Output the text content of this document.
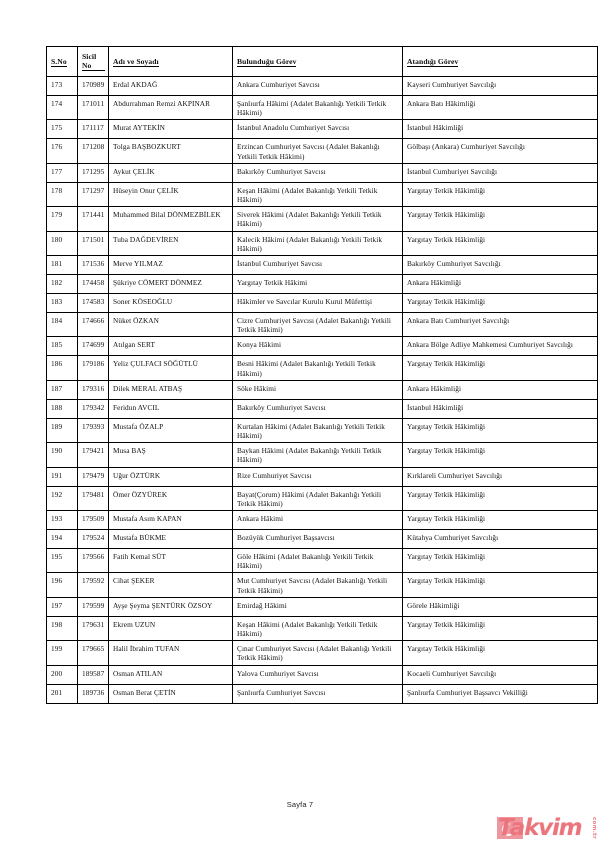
S.No	Sicil No	Adı ve Soyadı	Bulunduğu Görev	Atandığı Görev

173	170989	Erdal AKDAĞ	Ankara Cumhuriyet Savcısı	Kayseri Cumhuriyet Savcılığı

174	171011	Abdurrahman Remzi AKPINAR	Şanlıurfa Hâkimi (Adalet Bakanlığı Yetkili Tetkik Hâkimi)	Ankara Batı Hâkimliği

175	171117	Murat AYTEKİN	İstanbul Anadolu Cumhuriyet Savcısı	İstanbul Hâkimliği

176	171208	Tolga BAŞBOZKURT	Erzincan Cumhuriyet Savcısı (Adalet Bakanlığı Yetkili Tetkik Hâkimi)	Gölbaşı (Ankara) Cumhuriyet Savcılığı

177	171295	Aykut ÇELİK	Bakırköy Cumhuriyet Savcısı	İstanbul Cumhuriyet Savcılığı

178	171297	Hüseyin Onur ÇELİK	Keşan Hâkimi (Adalet Bakanlığı Yetkili Tetkik Hâkimi)	Yargıtay Tetkik Hâkimliği

179	171441	Muhammed Bilal DÖNMEZBİLEK	Siverek Hâkimi (Adalet Bakanlığı Yetkili Tetkik Hâkimi)	Yargıtay Tetkik Hâkimliği

180	171501	Tuba DAĞDEVİREN	Kalecik Hâkimi (Adalet Bakanlığı Yetkili Tetkik Hâkimi)	Yargıtay Tetkik Hâkimliği

181	171536	Merve YILMAZ	İstanbul Cumhuriyet Savcısı	Bakırköy Cumhuriyet Savcılığı

182	174458	Şükriye CÖMERT DÖNMEZ	Yargıtay Tetkik Hâkimi	Ankara Hâkimliği

183	174583	Soner KÖSEOĞLU	Hâkimler ve Savcılar Kurulu Kurul Müfettişi	Yargıtay Tetkik Hâkimliği

184	174666	Nüket ÖZKAN	Cizre Cumhuriyet Savcısı (Adalet Bakanlığı Yetkili Tetkik Hâkimi)	Ankara Batı Cumhuriyet Savcılığı

185	174699	Atılgan SERT	Konya Hâkimi	Ankara Bölge Adliye Mahkemesi Cumhuriyet Savcılığı

186	179186	Yeliz ÇULFACI SÖĞÜTLÜ	Besni Hâkimi (Adalet Bakanlığı Yetkili Tetkik Hâkimi)	Yargıtay Tetkik Hâkimliği

187	179316	Dilek MERAL ATBAŞ	Söke Hâkimi	Ankara Hâkimliği

188	179342	Feridun AVCIL	Bakırköy Cumhuriyet Savcısı	İstanbul Hâkimliği

189	179393	Mustafa ÖZALP	Kurtalan Hâkimi (Adalet Bakanlığı Yetkili Tetkik Hâkimi)	Yargıtay Tetkik Hâkimliği

190	179421	Musa BAŞ	Baykan Hâkimi (Adalet Bakanlığı Yetkili Tetkik Hâkimi)	Yargıtay Tetkik Hâkimliği

191	179479	Uğur ÖZTÜRK	Rize Cumhuriyet Savcısı	Kırklareli Cumhuriyet Savcılığı

192	179481	Ömer ÖZYÜREK	Bayat(Çorum) Hâkimi (Adalet Bakanlığı Yetkili Tetkik Hâkimi)	Yargıtay Tetkik Hâkimliği

193	179509	Mustafa Asım KAPAN	Ankara Hâkimi	Yargıtay Tetkik Hâkimliği

194	179524	Mustafa BÜKME	Bozüyük Cumhuriyet Başsavcısı	Kütahya Cumhuriyet Savcılığı

195	179566	Fatih Kemal SÜT	Göle Hâkimi (Adalet Bakanlığı Yetkili Tetkik Hâkimi)	Yargıtay Tetkik Hâkimliği

196	179592	Cihat ŞEKER	Mut Cumhuriyet Savcısı (Adalet Bakanlığı Yetkili Tetkik Hâkimi)	Yargıtay Tetkik Hâkimliği

197	179599	Ayşe Şeyma ŞENTÜRK ÖZSOY	Emirdağ Hâkimi	Görele Hâkimliği

198	179631	Ekrem UZUN	Keşan Hâkimi (Adalet Bakanlığı Yetkili Tetkik Hâkimi)	Yargıtay Tetkik Hâkimliği

199	179665	Halil İbrahim TUFAN	Çınar Cumhuriyet Savcısı (Adalet Bakanlığı Yetkili Tetkik Hâkimi)	Yargıtay Tetkik Hâkimliği

200	189587	Osman ATILAN	Yalova Cumhuriyet Savcısı	Kocaeli Cumhuriyet Savcılığı

201	189736	Osman Berat ÇETİN	Şanlıurfa Cumhuriyet Savcısı	Şanlıurfa Cumhuriyet Başsavcı Vekilliği
Sayfa 7
Takvim	com.tr
